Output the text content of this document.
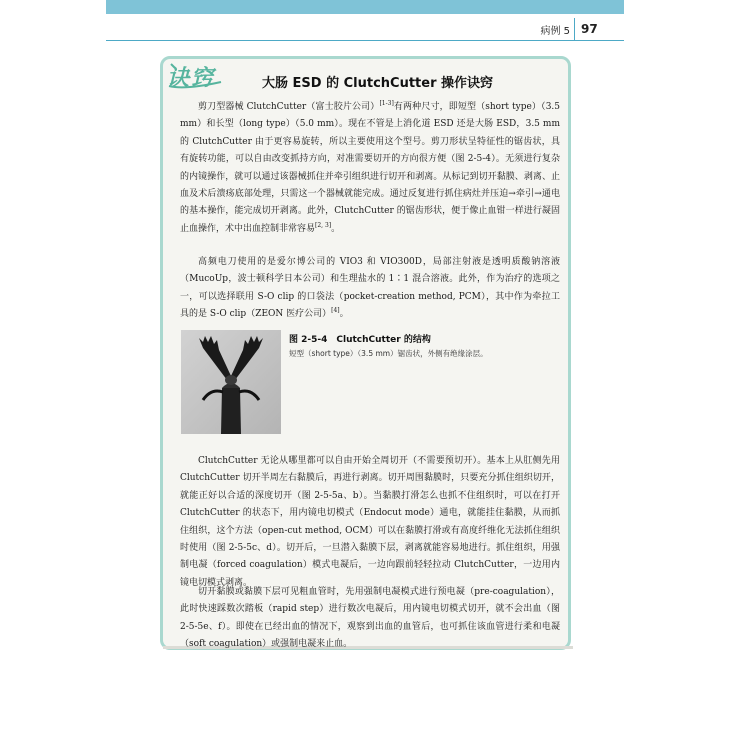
病例 5 97
诀窍	大肠 ESD 的 ClutchCutter 操作诀窍

剪刀型器械 ClutchCutter（富士胶片公司）[1-3]有两种尺寸，即短型（short type）（3.5 mm）和长型（long type）（5.0 mm）。现在不管是上消化道 ESD 还是大肠 ESD，3.5 mm 的 ClutchCutter 由于更容易旋转，所以主要使用这个型号。剪刀形状呈特征性的锯齿状，具有旋转功能，可以自由改变抓持方向，对准需要切开的方向很方便（图 2-5-4）。无须进行复杂的内镜操作，就可以通过该器械抓住并牵引组织进行切开和剥离。从标记到切开黏膜、剥离、止血及术后溃疡底部处理，只需这一个器械就能完成。通过反复进行抓住病灶并压迫→牵引→通电的基本操作，能完成切开剥离。此外，ClutchCutter 的锯齿形状，便于像止血钳一样进行凝固止血操作，术中出血控制非常容易[2, 3]。

高频电刀使用的是爱尔博公司的 VIO3 和 VIO300D，局部注射液是透明质酸钠溶液（MucoUp，波士顿科学日本公司）和生理盐水的 1∶1 混合溶液。此外，作为治疗的选项之一，可以选择联用 S-O clip 的口袋法（pocket-creation method, PCM），其中作为牵拉工具的是 S-O clip（ZEON 医疗公司）[4]。

图 2-5-4　ClutchCutter 的结构
短型（short type）（3.5 mm）锯齿状，外侧有绝缘涂层。

ClutchCutter 无论从哪里都可以自由开始全周切开（不需要预切开）。基本上从肛侧先用 ClutchCutter 切开半周左右黏膜后，再进行剥离。切开周围黏膜时，只要充分抓住组织切开，就能正好以合适的深度切开（图 2-5-5a、b）。当黏膜打滑怎么也抓不住组织时，可以在打开 ClutchCutter 的状态下，用内镜电切模式（Endocut mode）通电，就能挂住黏膜，从而抓住组织，这个方法（open-cut method, OCM）可以在黏膜打滑或有高度纤维化无法抓住组织时使用（图 2-5-5c、d）。切开后，一旦潜入黏膜下层，剥离就能容易地进行。抓住组织，用强制电凝（forced coagulation）模式电凝后，一边向跟前轻轻拉动 ClutchCutter，一边用内镜电切模式剥离。

切开黏膜或黏膜下层可见粗血管时，先用强制电凝模式进行预电凝（pre-coagulation），此时快速踩数次踏板（rapid step）进行数次电凝后，用内镜电切模式切开，就不会出血（图 2-5-5e、f）。即使在已经出血的情况下，观察到出血的血管后，也可抓住该血管进行柔和电凝（soft coagulation）或强制电凝来止血。
